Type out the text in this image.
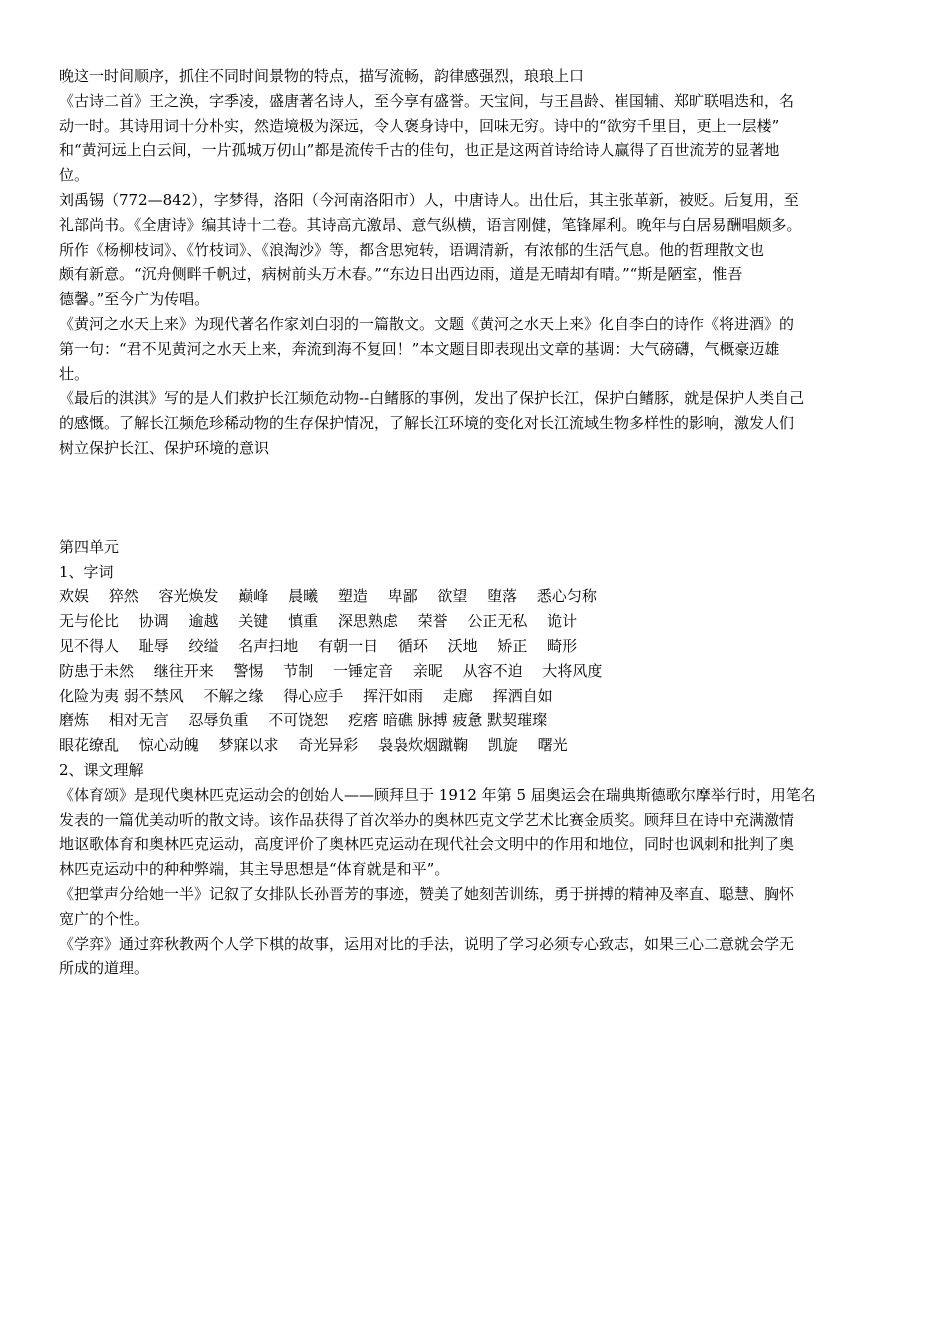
晚这一时间顺序，抓住不同时间景物的特点，描写流畅，韵律感强烈，琅琅上口
《古诗二首》王之涣，字季凌，盛唐著名诗人，至今享有盛誉。天宝间，与王昌龄、崔国辅、郑旷联唱迭和，名
动一时。其诗用词十分朴实，然造境极为深远，令人褒身诗中，回味无穷。诗中的“欲穷千里目，更上一层楼”
和“黄河远上白云间，一片孤城万仞山”都是流传千古的佳句，也正是这两首诗给诗人赢得了百世流芳的显著地
位。
刘禹锡（772—842），字梦得，洛阳（今河南洛阳市）人，中唐诗人。出仕后，其主张革新，被贬。后复用，至
礼部尚书。《全唐诗》编其诗十二卷。其诗高亢激昂、意气纵横，语言刚健，笔锋犀利。晚年与白居易酬唱颇多。
所作《杨柳枝词》、《竹枝词》、《浪淘沙》等，都含思宛转，语调清新，有浓郁的生活气息。他的哲理散文也
颇有新意。“沉舟侧畔千帆过，病树前头万木春。”“东边日出西边雨，道是无晴却有晴。”“斯是陋室，惟吾
德馨。”至今广为传唱。
《黄河之水天上来》为现代著名作家刘白羽的一篇散文。文题《黄河之水天上来》化自李白的诗作《将进酒》的
第一句：“君不见黄河之水天上来，奔流到海不复回！”本文题目即表现出文章的基调：大气磅礴，气概豪迈雄
壮。
《最后的淇淇》写的是人们救护长江频危动物--白鳍豚的事例，发出了保护长江，保护白鳍豚，就是保护人类自己
的感慨。了解长江频危珍稀动物的生存保护情况，了解长江环境的变化对长江流域生物多样性的影响，激发人们
树立保护长江、保护环境的意识
第四单元
1、字词
欢娱　 猝然　 容光焕发　 巅峰　 晨曦　 塑造　 卑鄙　 欲望　 堕落　 悉心匀称
无与伦比　 协调　 逾越　 关键　 慎重　 深思熟虑　 荣誉　 公正无私　 诡计
见不得人　 耻辱　 绞缢　 名声扫地　 有朝一日　 循环　 沃地　 矫正　 畸形
防患于未然　 继往开来　 警惕　 节制　 一锤定音　 亲昵　 从容不迫　 大将风度
化险为夷 弱不禁风　 不解之缘　 得心应手　 挥汗如雨　 走廊　 挥洒自如
磨炼　 相对无言　 忍辱负重　 不可饶恕　 疙瘩 暗礁 脉搏 疲惫 默契璀璨
眼花缭乱　 惊心动魄　 梦寐以求　 奇光异彩　 袅袅炊烟蹴鞠　 凯旋　 曙光
2、课文理解
《体育颂》是现代奥林匹克运动会的创始人——顾拜旦于 1912 年第 5 届奥运会在瑞典斯德歌尔摩举行时，用笔名
发表的一篇优美动听的散文诗。该作品获得了首次举办的奥林匹克文学艺术比赛金质奖。顾拜旦在诗中充满激情
地讴歌体育和奥林匹克运动，高度评价了奥林匹克运动在现代社会文明中的作用和地位，同时也讽刺和批判了奥
林匹克运动中的种种弊端，其主导思想是“体育就是和平”。
《把掌声分给她一半》记叙了女排队长孙晋芳的事迹，赞美了她刻苦训练，勇于拼搏的精神及率直、聪慧、胸怀
宽广的个性。
《学弈》通过弈秋教两个人学下棋的故事，运用对比的手法，说明了学习必须专心致志，如果三心二意就会学无
所成的道理。
